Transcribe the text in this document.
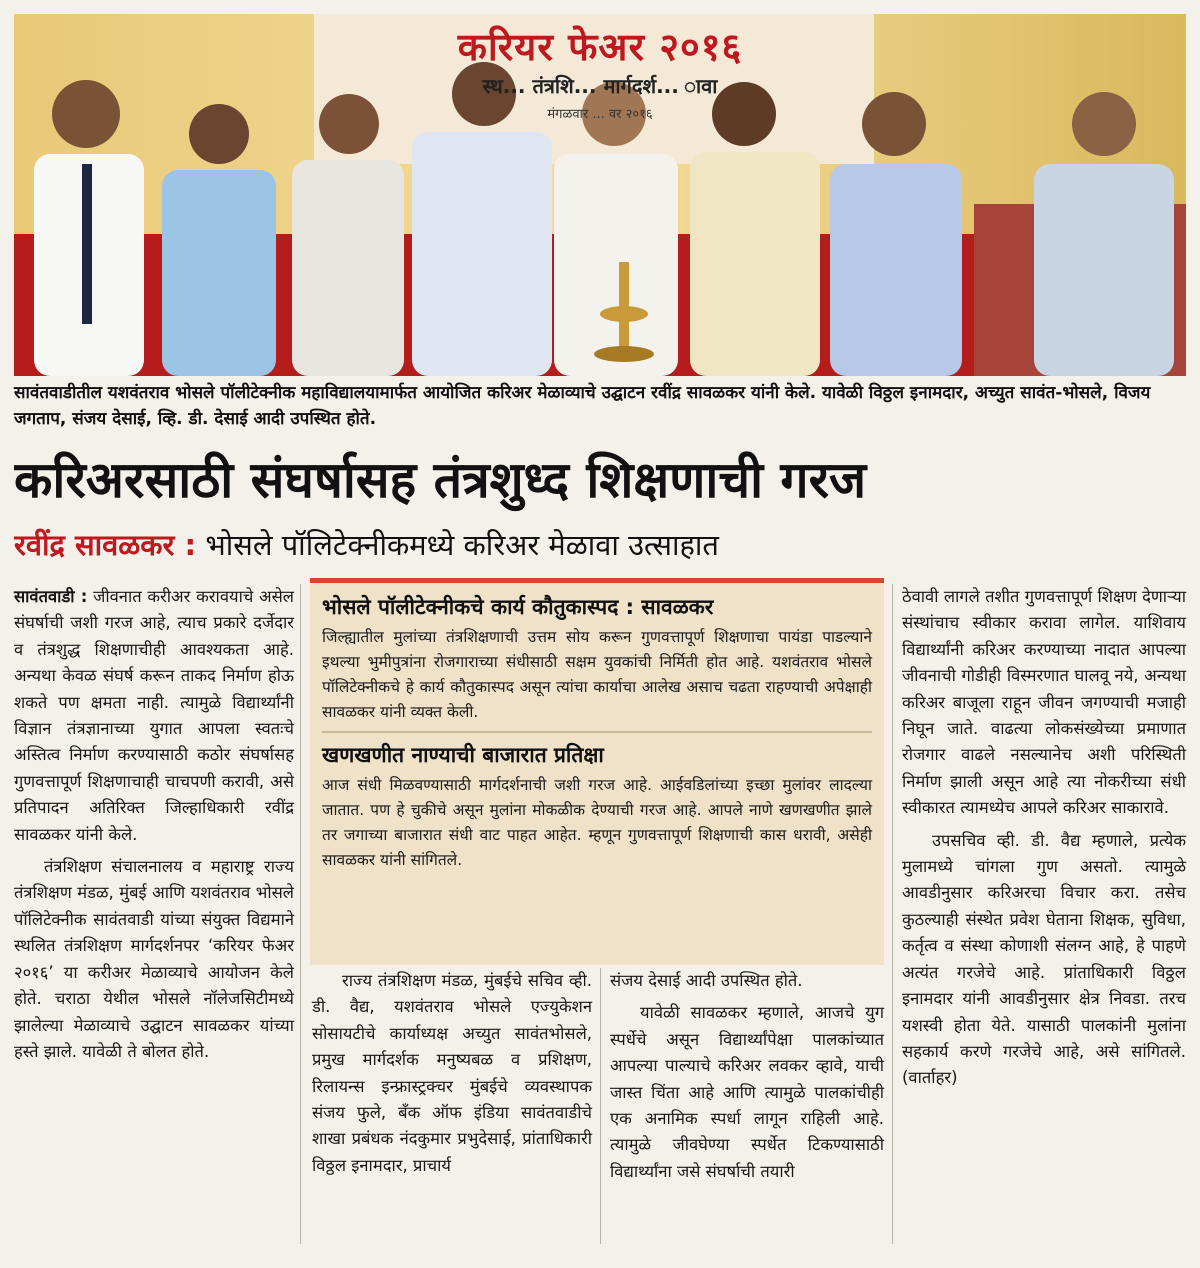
करियर फेअर २०१६
स्थ... तंत्रशि... मार्गदर्श... ावा
मंगळवार ... वर २०१६
सावंतवाडीतील यशवंतराव भोसले पॉलीटेक्नीक महाविद्यालयामार्फत आयोजित करिअर मेळाव्याचे उद्घाटन रवींद्र सावळकर यांनी केले. यावेळी विठ्ठल इनामदार, अच्युत सावंत-भोसले, विजय जगताप, संजय देसाई, व्हि. डी. देसाई आदी उपस्थित होते.
करिअरसाठी संघर्षासह तंत्रशुध्द शिक्षणाची गरज
रवींद्र सावळकर : भोसले पॉलिटेक्नीकमध्ये करिअर मेळावा उत्साहात

सावंतवाडी : जीवनात करीअर करावयाचे असेल संघर्षाची जशी गरज आहे, त्याच प्रकारे दर्जेदार व तंत्रशुद्ध शिक्षणाचीही आवश्यकता आहे. अन्यथा केवळ संघर्ष करून ताकद निर्माण होऊ शकते पण क्षमता नाही. त्यामुळे विद्यार्थ्यांनी विज्ञान तंत्रज्ञानाच्या युगात आपला स्वतःचे अस्तित्व निर्माण करण्यासाठी कठोर संघर्षासह गुणवत्तापूर्ण शिक्षणाचाही चाचपणी करावी, असे प्रतिपादन अतिरिक्त जिल्हाधिकारी रवींद्र सावळकर यांनी केले.

तंत्रशिक्षण संचालनालय व महाराष्ट्र राज्य तंत्रशिक्षण मंडळ, मुंबई आणि यशवंतराव भोसले पॉलिटेक्नीक सावंतवाडी यांच्या संयुक्त विद्यमाने स्थलित तंत्रशिक्षण मार्गदर्शनपर ‘करियर फेअर २०१६’ या करीअर मेळाव्याचे आयोजन केले होते. चराठा येथील भोसले नॉलेजसिटीमध्ये झालेल्या मेळाव्याचे उद्घाटन सावळकर यांच्या हस्ते झाले. यावेळी ते बोलत होते.

भोसले पॉलीटेक्नीकचे कार्य कौतुकास्पद : सावळकर
जिल्ह्यातील मुलांच्या तंत्रशिक्षणाची उत्तम सोय करून गुणवत्तापूर्ण शिक्षणाचा पायंडा पाडल्याने इथल्या भुमीपुत्रांना रोजगाराच्या संधीसाठी सक्षम युवकांची निर्मिती होत आहे. यशवंतराव भोसले पॉलिटेक्नीकचे हे कार्य कौतुकास्पद असून त्यांचा कार्याचा आलेख असाच चढता राहण्याची अपेक्षाही सावळकर यांनी व्यक्त केली.
खणखणीत नाण्याची बाजारात प्रतिक्षा
आज संधी मिळवण्यासाठी मार्गदर्शनाची जशी गरज आहे. आईवडिलांच्या इच्छा मुलांवर लादल्या जातात. पण हे चुकीचे असून मुलांना मोकळीक देण्याची गरज आहे. आपले नाणे खणखणीत झाले तर जगाच्या बाजारात संधी वाट पाहत आहेत. म्हणून गुणवत्तापूर्ण शिक्षणाची कास धरावी, असेही सावळकर यांनी सांगितले.

राज्य तंत्रशिक्षण मंडळ, मुंबईचे सचिव व्ही. डी. वैद्य, यशवंतराव भोसले एज्युकेशन सोसायटीचे कार्याध्यक्ष अच्युत सावंतभोसले, प्रमुख मार्गदर्शक मनुष्यबळ व प्रशिक्षण, रिलायन्स इन्फ्रास्ट्रक्चर मुंबईचे व्यवस्थापक संजय फुले, बँक ऑफ इंडिया सावंतवाडीचे शाखा प्रबंधक नंदकुमार प्रभुदेसाई, प्रांताधिकारी विठ्ठल इनामदार, प्राचार्य

संजय देसाई आदी उपस्थित होते.

यावेळी सावळकर म्हणाले, आजचे युग स्पर्धेचे असून विद्यार्थ्यांपेक्षा पालकांच्यात आपल्या पाल्याचे करिअर लवकर व्हावे, याची जास्त चिंता आहे आणि त्यामुळे पालकांचीही एक अनामिक स्पर्धा लागून राहिली आहे. त्यामुळे जीवघेण्या स्पर्धेत टिकण्यासाठी विद्यार्थ्यांना जसे संघर्षाची तयारी

ठेवावी लागले तशीत गुणवत्तापूर्ण शिक्षण देणाऱ्या संस्थांचाच स्वीकार करावा लागेल. याशिवाय विद्यार्थ्यांनी करिअर करण्याच्या नादात आपल्या जीवनाची गोडीही विस्मरणात घालवू नये, अन्यथा करिअर बाजूला राहून जीवन जगण्याची मजाही निघून जाते. वाढत्या लोकसंख्येच्या प्रमाणात रोजगार वाढले नसल्यानेच अशी परिस्थिती निर्माण झाली असून आहे त्या नोकरीच्या संधी स्वीकारत त्यामध्येच आपले करिअर साकारावे.

उपसचिव व्ही. डी. वैद्य म्हणाले, प्रत्येक मुलामध्ये चांगला गुण असतो. त्यामुळे आवडीनुसार करिअरचा विचार करा. तसेच कुठल्याही संस्थेत प्रवेश घेताना शिक्षक, सुविधा, कर्तृत्व व संस्था कोणाशी संलग्न आहे, हे पाहणे अत्यंत गरजेचे आहे. प्रांताधिकारी विठ्ठल इनामदार यांनी आवडीनुसार क्षेत्र निवडा. तरच यशस्वी होता येते. यासाठी पालकांनी मुलांना सहकार्य करणे गरजेचे आहे, असे सांगितले. (वार्ताहर)
